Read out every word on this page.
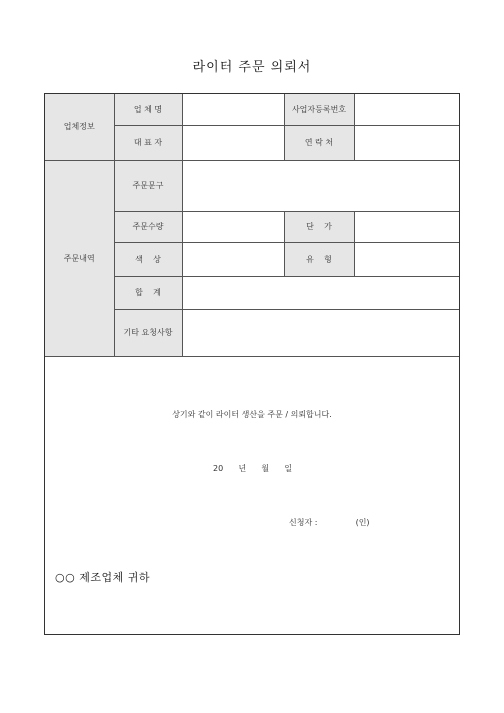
라이터 주문 의뢰서
업체정보	업 체 명		사업자등록번호	
	대 표 자		연 락 처	
주문내역	주문문구			
	주문수량		단    가	
	색    상		유    형	
	합    계			
	기타 요청사항			
상기와 같이 라이터 생산을 주문 / 의뢰합니다.
20      년      월      일
신청자 :               (인)
○○ 제조업체 귀하
